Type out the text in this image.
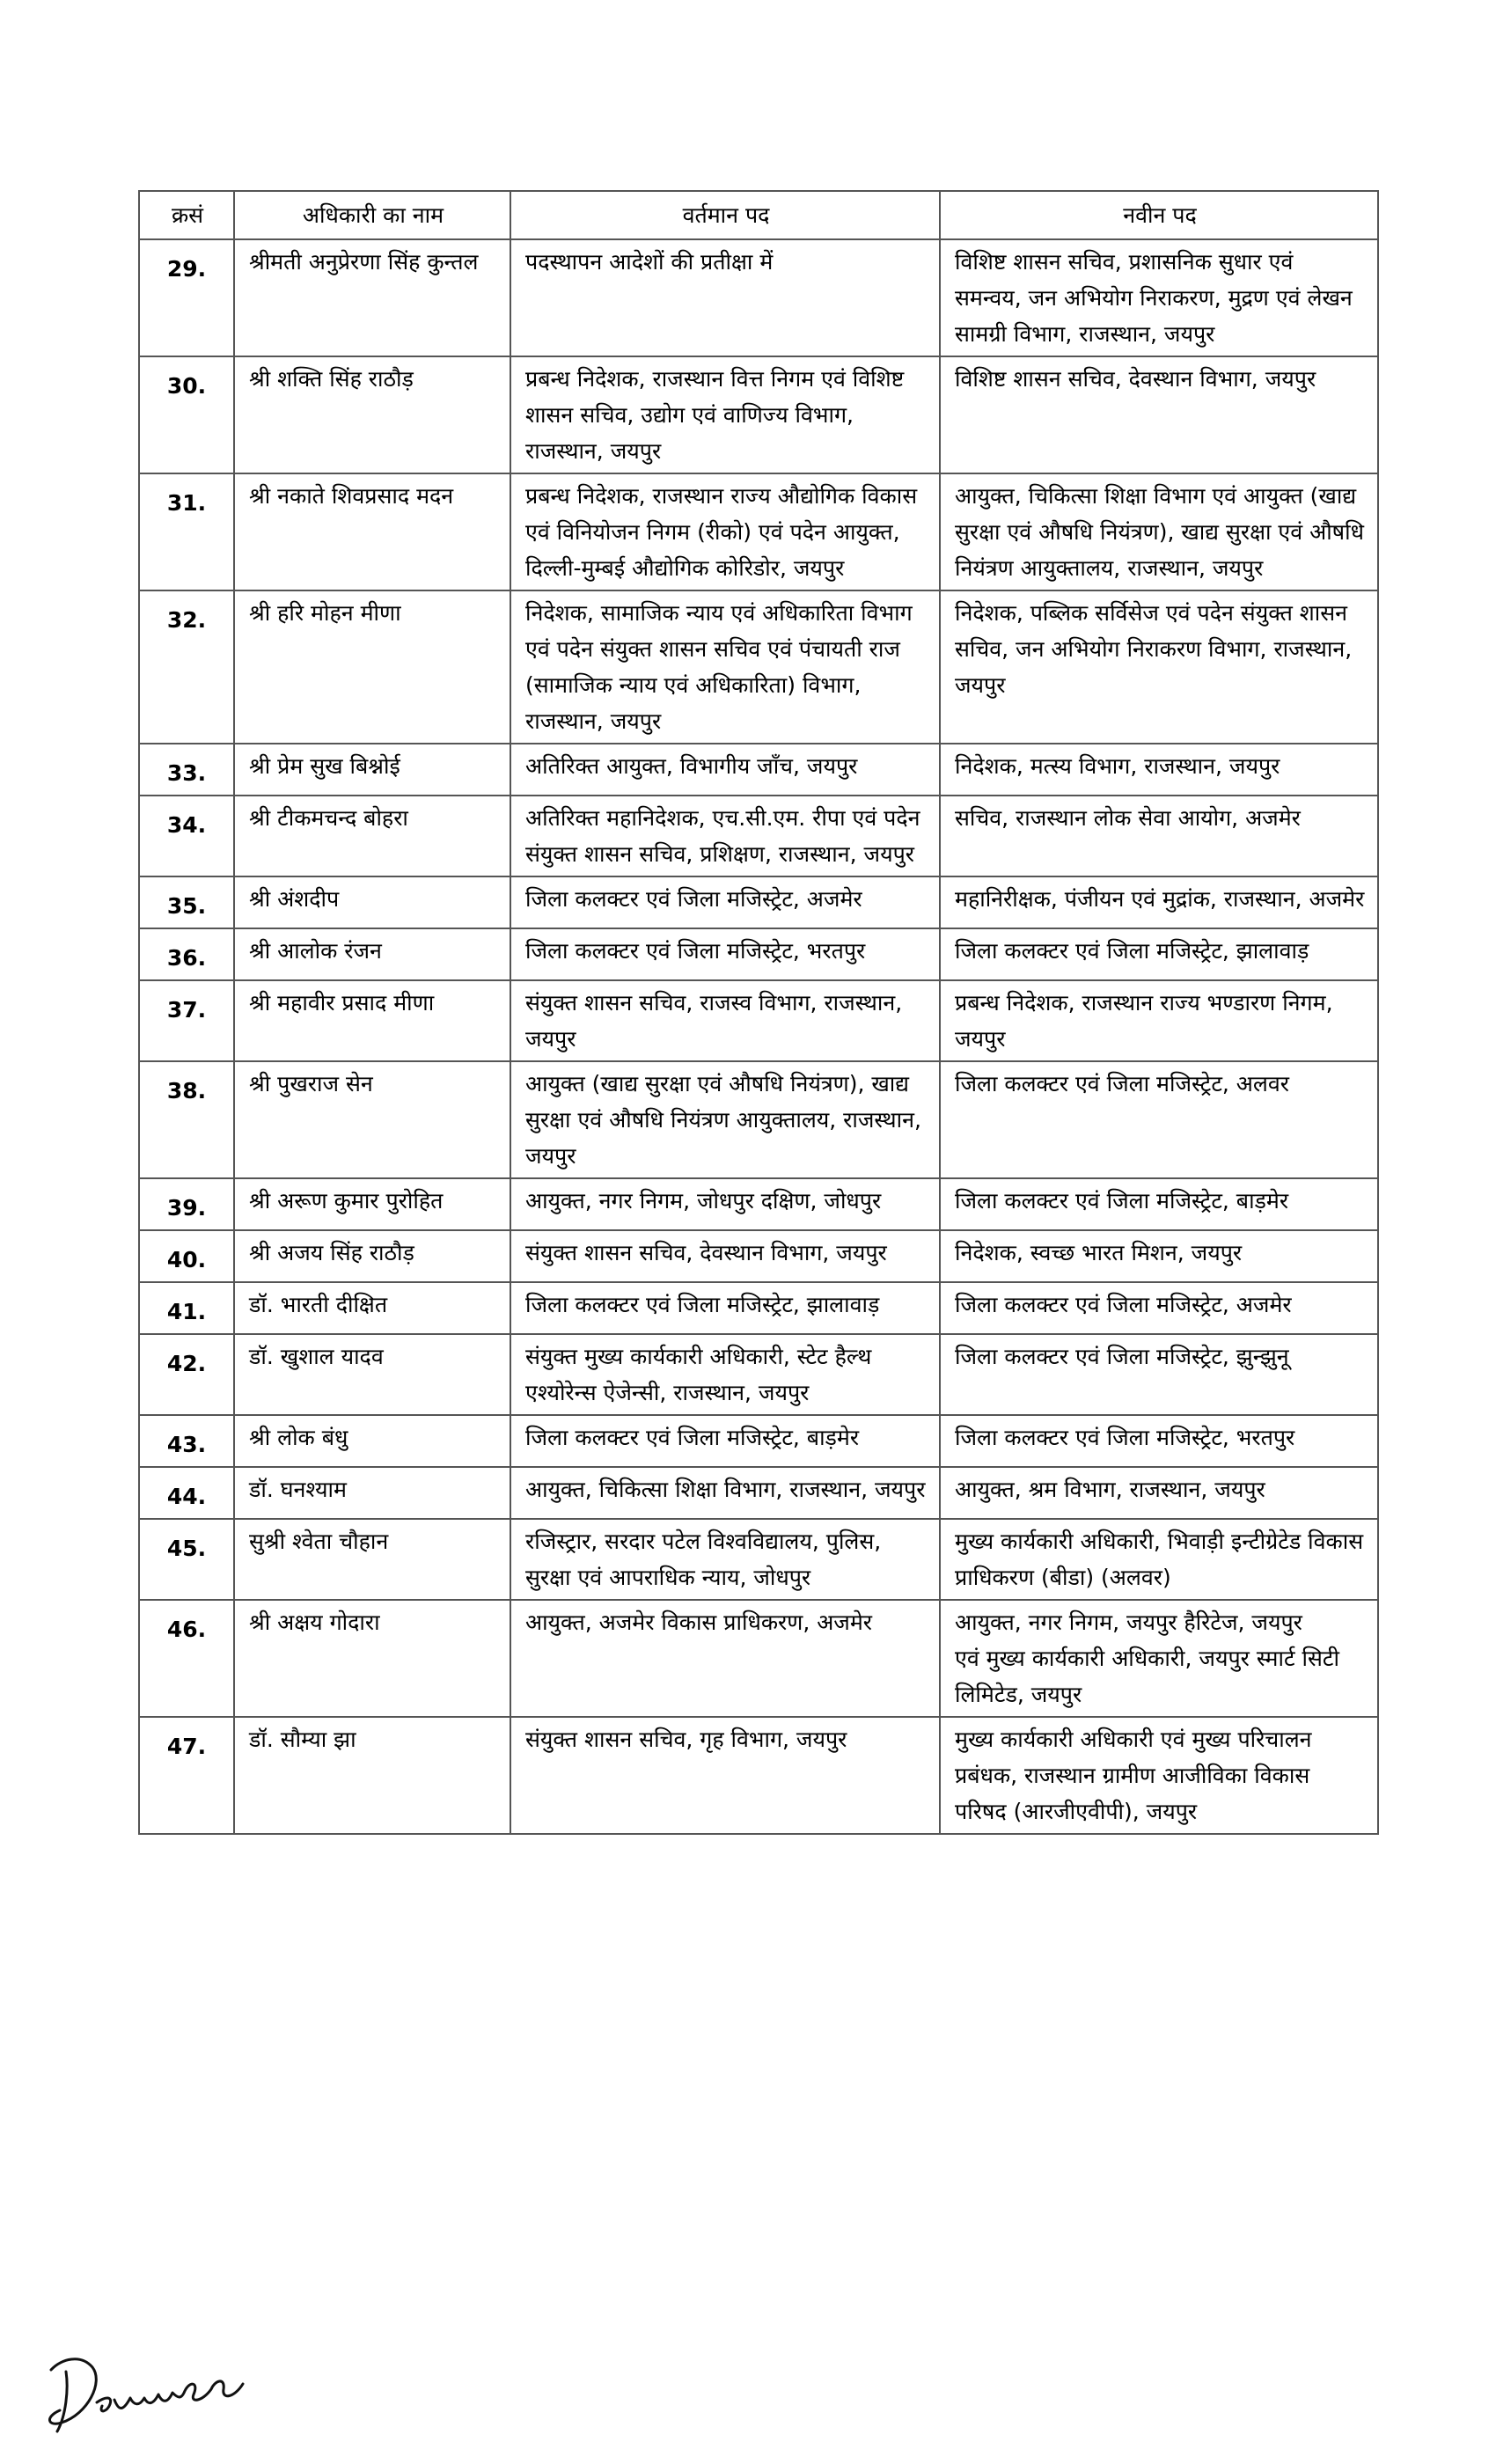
क्रसं	अधिकारी का नाम	वर्तमान पद	नवीन पद
29.	श्रीमती अनुप्रेरणा सिंह कुन्तल	पदस्थापन आदेशों की प्रतीक्षा में	विशिष्ट शासन सचिव, प्रशासनिक सुधार एवं समन्वय, जन अभियोग निराकरण, मुद्रण एवं लेखन सामग्री विभाग, राजस्थान, जयपुर
30.	श्री शक्ति सिंह राठौड़	प्रबन्ध निदेशक, राजस्थान वित्त निगम एवं विशिष्ट शासन सचिव, उद्योग एवं वाणिज्य विभाग, राजस्थान, जयपुर	विशिष्ट शासन सचिव, देवस्थान विभाग, जयपुर
31.	श्री नकाते शिवप्रसाद मदन	प्रबन्ध निदेशक, राजस्थान राज्य औद्योगिक विकास एवं विनियोजन निगम (रीको) एवं पदेन आयुक्त, दिल्ली-मुम्बई औद्योगिक कोरिडोर, जयपुर	आयुक्त, चिकित्सा शिक्षा विभाग एवं आयुक्त (खाद्य सुरक्षा एवं औषधि नियंत्रण), खाद्य सुरक्षा एवं औषधि नियंत्रण आयुक्तालय, राजस्थान, जयपुर
32.	श्री हरि मोहन मीणा	निदेशक, सामाजिक न्याय एवं अधिकारिता विभाग एवं पदेन संयुक्त शासन सचिव एवं पंचायती राज (सामाजिक न्याय एवं अधिकारिता) विभाग, राजस्थान, जयपुर	निदेशक, पब्लिक सर्विसेज एवं पदेन संयुक्त शासन सचिव, जन अभियोग निराकरण विभाग, राजस्थान, जयपुर
33.	श्री प्रेम सुख बिश्नोई	अतिरिक्त आयुक्त, विभागीय जाँच, जयपुर	निदेशक, मत्स्य विभाग, राजस्थान, जयपुर
34.	श्री टीकमचन्द बोहरा	अतिरिक्त महानिदेशक, एच.सी.एम. रीपा एवं पदेन संयुक्त शासन सचिव, प्रशिक्षण, राजस्थान, जयपुर	सचिव, राजस्थान लोक सेवा आयोग, अजमेर
35.	श्री अंशदीप	जिला कलक्टर एवं जिला मजिस्ट्रेट, अजमेर	महानिरीक्षक, पंजीयन एवं मुद्रांक, राजस्थान, अजमेर
36.	श्री आलोक रंजन	जिला कलक्टर एवं जिला मजिस्ट्रेट, भरतपुर	जिला कलक्टर एवं जिला मजिस्ट्रेट, झालावाड़
37.	श्री महावीर प्रसाद मीणा	संयुक्त शासन सचिव, राजस्व विभाग, राजस्थान, जयपुर	प्रबन्ध निदेशक, राजस्थान राज्य भण्डारण निगम, जयपुर
38.	श्री पुखराज सेन	आयुक्त (खाद्य सुरक्षा एवं औषधि नियंत्रण), खाद्य सुरक्षा एवं औषधि नियंत्रण आयुक्तालय, राजस्थान, जयपुर	जिला कलक्टर एवं जिला मजिस्ट्रेट, अलवर
39.	श्री अरूण कुमार पुरोहित	आयुक्त, नगर निगम, जोधपुर दक्षिण, जोधपुर	जिला कलक्टर एवं जिला मजिस्ट्रेट, बाड़मेर
40.	श्री अजय सिंह राठौड़	संयुक्त शासन सचिव, देवस्थान विभाग, जयपुर	निदेशक, स्वच्छ भारत मिशन, जयपुर
41.	डॉ. भारती दीक्षित	जिला कलक्टर एवं जिला मजिस्ट्रेट, झालावाड़	जिला कलक्टर एवं जिला मजिस्ट्रेट, अजमेर
42.	डॉ. खुशाल यादव	संयुक्त मुख्य कार्यकारी अधिकारी, स्टेट हैल्थ एश्योरेन्स ऐजेन्सी, राजस्थान, जयपुर	जिला कलक्टर एवं जिला मजिस्ट्रेट, झुन्झुनू
43.	श्री लोक बंधु	जिला कलक्टर एवं जिला मजिस्ट्रेट, बाड़मेर	जिला कलक्टर एवं जिला मजिस्ट्रेट, भरतपुर
44.	डॉ. घनश्याम	आयुक्त, चिकित्सा शिक्षा विभाग, राजस्थान, जयपुर	आयुक्त, श्रम विभाग, राजस्थान, जयपुर
45.	सुश्री श्वेता चौहान	रजिस्ट्रार, सरदार पटेल विश्वविद्यालय, पुलिस, सुरक्षा एवं आपराधिक न्याय, जोधपुर	मुख्य कार्यकारी अधिकारी, भिवाड़ी इन्टीग्रेटेड विकास प्राधिकरण (बीडा) (अलवर)
46.	श्री अक्षय गोदारा	आयुक्त, अजमेर विकास प्राधिकरण, अजमेर	आयुक्त, नगर निगम, जयपुर हैरिटेज, जयपुर
एवं मुख्य कार्यकारी अधिकारी, जयपुर स्मार्ट सिटी लिमिटेड, जयपुर
47.	डॉ. सौम्या झा	संयुक्त शासन सचिव, गृह विभाग, जयपुर	मुख्य कार्यकारी अधिकारी एवं मुख्य परिचालन प्रबंधक, राजस्थान ग्रामीण आजीविका विकास परिषद (आरजीएवीपी), जयपुर
Devendra
